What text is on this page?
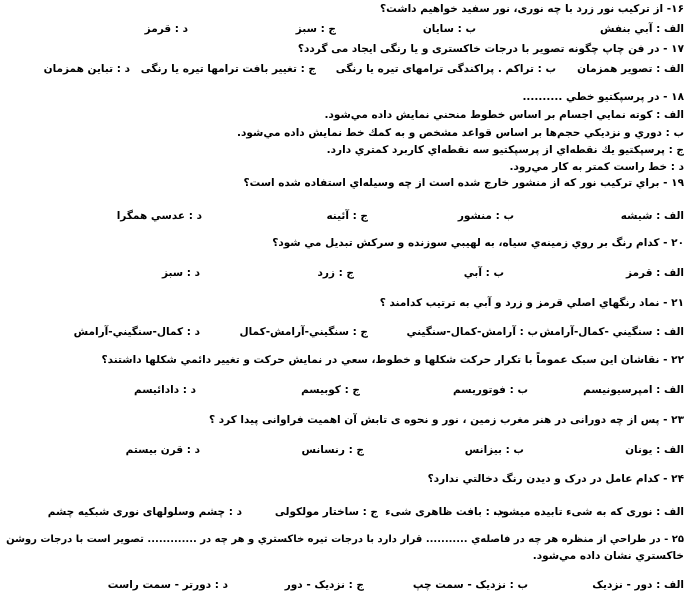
۱۶- از ترکیب نور زرد با چه نوری، نور سفید خواهیم داشت؟
الف : آبي بنفش
ب : سایان
ج : سبز
د : قرمز
۱۷ - در فن چاپ چگونه تصویر با درجات خاکستری و یا رنگی ایجاد می گردد؟
الف : تصویر همزمان
ب : تراکم . پراکندگی ترامهای تیره یا رنگی
ج : تغییر بافت ترامها تیره یا رنگی
د : تباین همزمان
۱۸ - در پرسپکتیو خطي ..........
الف : کوته نمایي اجسام بر اساس خطوط منحني نمایش داده مي‌شود.
ب : دوري و نزدیکي حجم‌ها بر اساس قواعد مشخص و به کمك خط نمایش داده مي‌شود.
ج : پرسپکتیو یك نقطه‌اي از پرسپکتیو سه نقطه‌اي کاربرد کمتري دارد.
د : خط راست کمتر به کار مي‌رود.
۱۹ - براي ترکیب نور که از منشور خارج شده است از چه وسیله‌اي استفاده شده است؟
الف : شیشه
ب : منشور
ج : آئینه
د : عدسي همگرا
۲۰ - کدام رنگ بر روي زمینه‌ي سیاه، به لهیبي سوزنده و سرکش تبدیل مي شود؟
الف : قرمز
ب : آبي
ج : زرد
د : سبز
۲۱ - نماد رنگهاي اصلي قرمز و زرد و آبي به ترتیب کدامند ؟
الف : سنگیني -کمال-آرامش
ب : آرامش-کمال-سنگیني
ج : سنگیني-آرامش-کمال
د : کمال-سنگیني-آرامش
۲۲ - نقاشان این سبک عموماً با تکرار حرکت شکلها و خطوط، سعي در نمایش حرکت و تغییر دائمي شکلها داشتند؟
الف : امپرسیونیسم
ب : فوتوریسم
ج : کوبیسم
د : دادائیسم
۲۳ - پس از چه دورانی در هنر مغرب زمین ، نور و نحوه ی تابش آن اهمیت فراوانی پیدا کرد ؟
الف : یونان
ب : بیزانس
ج : رنسانس
د : قرن بیستم
۲۴ - کدام عامل در درک و دیدن رنگ دخالتي ندارد؟
الف : نوری که به شیء تابیده میشود.
ب : بافت ظاهری شیء
ج : ساختار مولکولی
د : چشم وسلولهای نوری شبکیه چشم
۲۵ - در طراحي از منظره هر چه در فاصله‌ي ........... قرار دارد با درجات تیره خاکستري و هر چه در ............. تصویر است با درجات روشن
خاکستري نشان داده مي‌شود.
الف : دور - نزدیک
ب : نزدیک - سمت چپ
ج : نزدیک - دور
د : دورتر - سمت راست
